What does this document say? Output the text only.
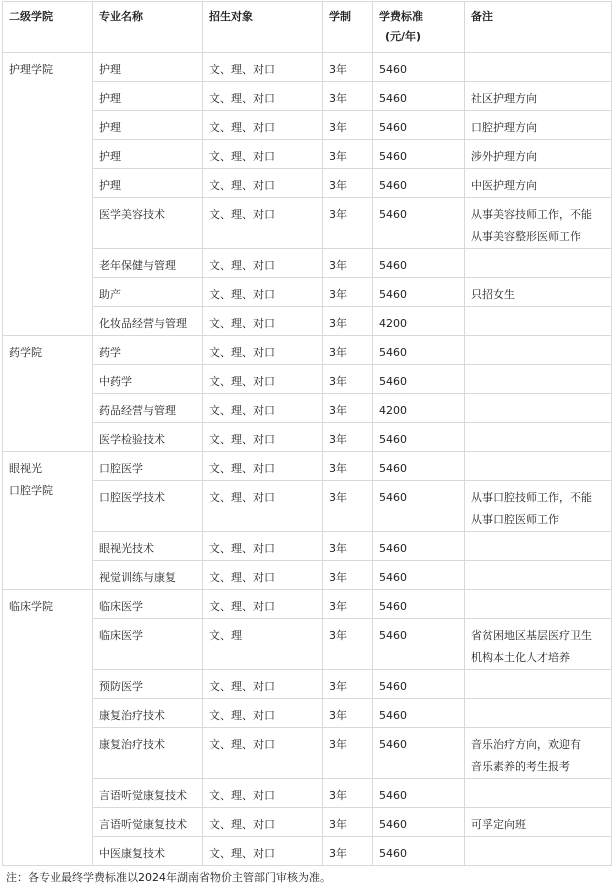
二级学院	专业名称	招生对象	学制	学费标准
(元/年)	备注

护理学院	护理	文、理、对口	3年	5460	

	护理	文、理、对口	3年	5460	社区护理方向

	护理	文、理、对口	3年	5460	口腔护理方向

	护理	文、理、对口	3年	5460	涉外护理方向

	护理	文、理、对口	3年	5460	中医护理方向

	医学美容技术	文、理、对口	3年	5460	从事美容技师工作，不能
从事美容整形医师工作

	老年保健与管理	文、理、对口	3年	5460	

	助产	文、理、对口	3年	5460	只招女生

	化妆品经营与管理	文、理、对口	3年	4200	

药学院	药学	文、理、对口	3年	5460	

	中药学	文、理、对口	3年	5460	

	药品经营与管理	文、理、对口	3年	4200	

	医学检验技术	文、理、对口	3年	5460	

眼视光
口腔学院	口腔医学	文、理、对口	3年	5460	

	口腔医学技术	文、理、对口	3年	5460	从事口腔技师工作，不能
从事口腔医师工作

	眼视光技术	文、理、对口	3年	5460	

	视觉训练与康复	文、理、对口	3年	5460	

临床学院	临床医学	文、理、对口	3年	5460	

	临床医学	文、理	3年	5460	省贫困地区基层医疗卫生
机构本土化人才培养

	预防医学	文、理、对口	3年	5460	

	康复治疗技术	文、理、对口	3年	5460	

	康复治疗技术	文、理、对口	3年	5460	音乐治疗方向，欢迎有
音乐素养的考生报考

	言语听觉康复技术	文、理、对口	3年	5460	

	言语听觉康复技术	文、理、对口	3年	5460	可孚定向班

	中医康复技术	文、理、对口	3年	5460	
注：各专业最终学费标准以2024年湖南省物价主管部门审核为准。
